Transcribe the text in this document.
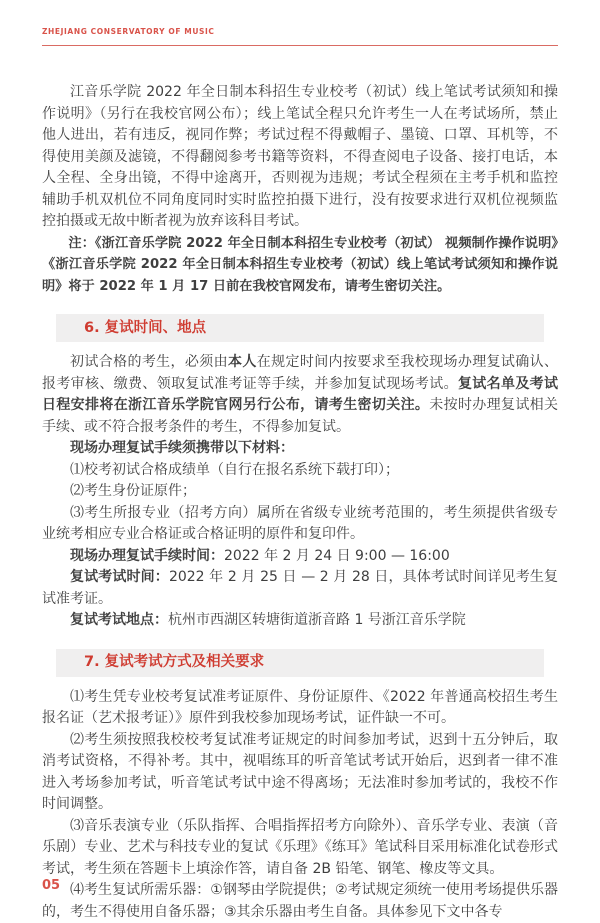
ZHEJIANG CONSERVATORY OF MUSIC

江音乐学院 2022 年全日制本科招生专业校考（初试）线上笔试考试须知和操作说明》（另行在我校官网公布）；线上笔试全程只允许考生一人在考试场所，禁止他人进出，若有违反，视同作弊；考试过程不得戴帽子、墨镜、口罩、耳机等，不得使用美颜及滤镜，不得翻阅参考书籍等资料，不得查阅电子设备、接打电话，本人全程、全身出镜，不得中途离开，否则视为违规；考试全程须在主考手机和监控辅助手机双机位不同角度同时实时监控拍摄下进行，没有按要求进行双机位视频监控拍摄或无故中断者视为放弃该科目考试。

注：《浙江音乐学院 2022 年全日制本科招生专业校考（初试） 视频制作操作说明》《浙江音乐学院 2022 年全日制本科招生专业校考（初试）线上笔试考试须知和操作说明》将于 2022 年 1 月 17 日前在我校官网发布，请考生密切关注。

6. 复试时间、地点

初试合格的考生，必须由本人在规定时间内按要求至我校现场办理复试确认、报考审核、缴费、领取复试准考证等手续，并参加复试现场考试。复试名单及考试日程安排将在浙江音乐学院官网另行公布，请考生密切关注。未按时办理复试相关手续、或不符合报考条件的考生，不得参加复试。

现场办理复试手续须携带以下材料：

⑴校考初试合格成绩单（自行在报名系统下载打印）；

⑵考生身份证原件；

⑶考生所报专业（招考方向）属所在省级专业统考范围的，考生须提供省级专业统考相应专业合格证或合格证明的原件和复印件。

现场办理复试手续时间：2022 年 2 月 24 日 9:00 — 16:00

复试考试时间：2022 年 2 月 25 日 — 2 月 28 日，具体考试时间详见考生复试准考证。

复试考试地点：杭州市西湖区转塘街道浙音路 1 号浙江音乐学院

7. 复试考试方式及相关要求

⑴考生凭专业校考复试准考证原件、身份证原件、《2022 年普通高校招生考生报名证（艺术报考证）》原件到我校参加现场考试，证件缺一不可。

⑵考生须按照我校校考复试准考证规定的时间参加考试，迟到十五分钟后，取消考试资格，不得补考。其中，视唱练耳的听音笔试考试开始后，迟到者一律不准进入考场参加考试，听音笔试考试中途不得离场；无法准时参加考试的，我校不作时间调整。

⑶音乐表演专业（乐队指挥、合唱指挥招考方向除外）、音乐学专业、表演（音乐剧）专业、艺术与科技专业的复试《乐理》《练耳》笔试科目采用标准化试卷形式考试，考生须在答题卡上填涂作答，请自备 2B 铅笔、钢笔、橡皮等文具。

⑷考生复试所需乐器：①钢琴由学院提供；②考试规定须统一使用考场提供乐器的，考生不得使用自备乐器；③其余乐器由考生自备。具体参见下文中各专

05
